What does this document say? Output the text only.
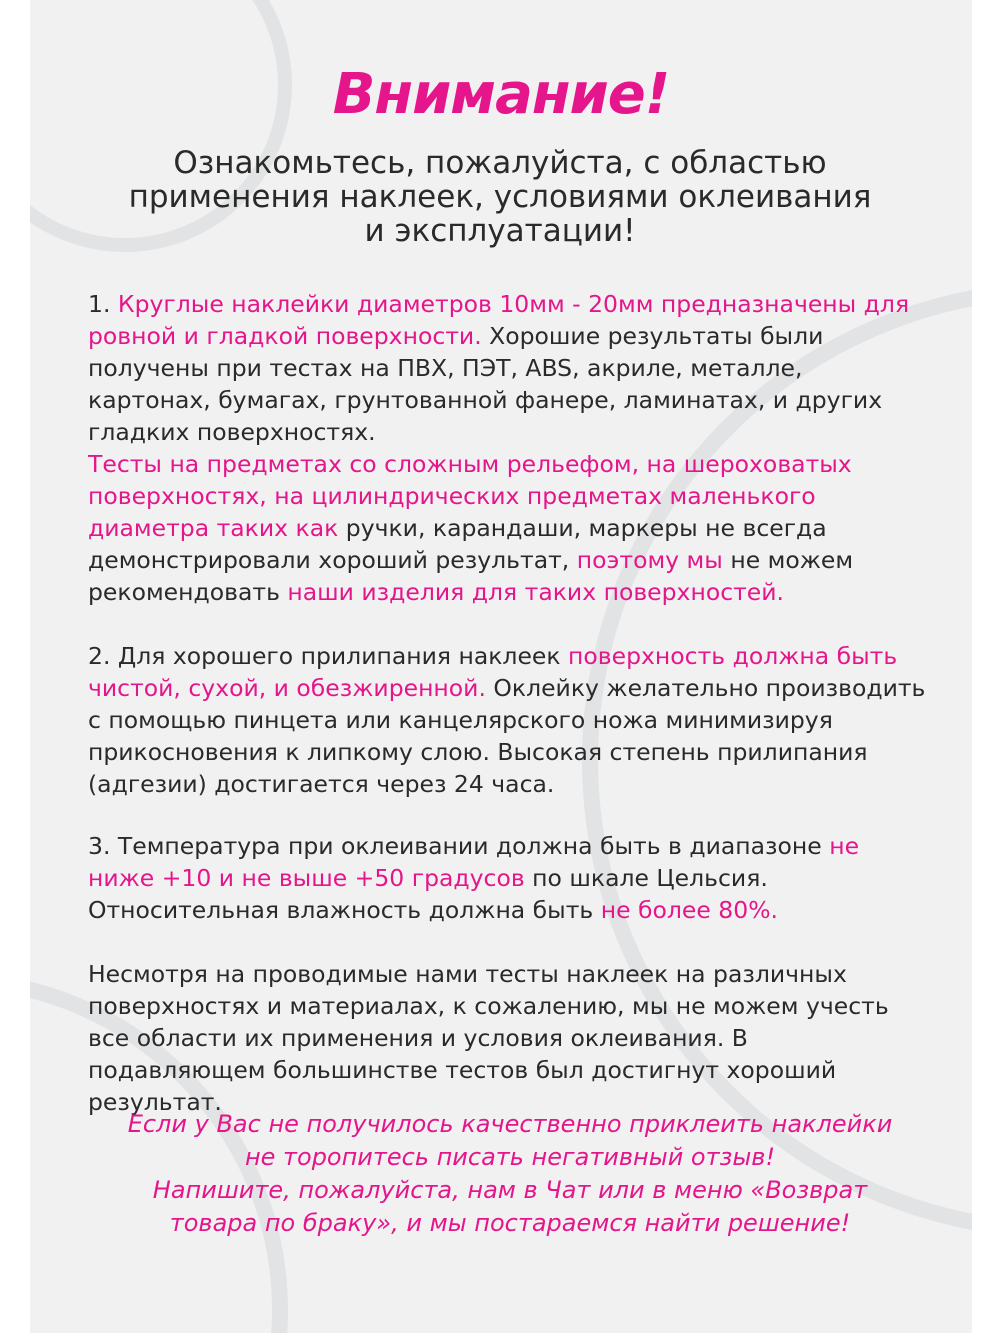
Внимание!

Ознакомьтесь, пожалуйста, с областью применения наклеек, условиями оклеивания и эксплуатации!

1. Круглые наклейки диаметров 10мм - 20мм предназначены для ровной и гладкой поверхности. Хорошие результаты были получены при тестах на ПВХ, ПЭТ, ABS, акриле, металле, картонах, бумагах, грунтованной фанере, ламинатах, и других гладких поверхностях.

Тесты на предметах со сложным рельефом, на шероховатых поверхностях, на цилиндрических предметах маленького диаметра таких как ручки, карандаши, маркеры не всегда демонстрировали хороший результат, поэтому мы не можем рекомендовать наши изделия для таких поверхностей.

2. Для хорошего прилипания наклеек поверхность должна быть чистой, сухой, и обезжиренной. Оклейку желательно производить с помощью пинцета или канцелярского ножа минимизируя прикосновения к липкому слою. Высокая степень прилипания (адгезии) достигается через 24 часа.

3. Температура при оклеивании должна быть в диапазоне не ниже +10 и не выше +50 градусов по шкале Цельсия. Относительная влажность должна быть не более 80%.

Несмотря на проводимые нами тесты наклеек на различных поверхностях и материалах, к сожалению, мы не можем учесть все области их применения и условия оклеивания. В подавляющем большинстве тестов был достигнут хороший результат.

Если у Вас не получилось качественно приклеить наклейки
не торопитесь писать негативный отзыв!
Напишите, пожалуйста, нам в Чат или в меню «Возврат
товара по браку», и мы постараемся найти решение!
